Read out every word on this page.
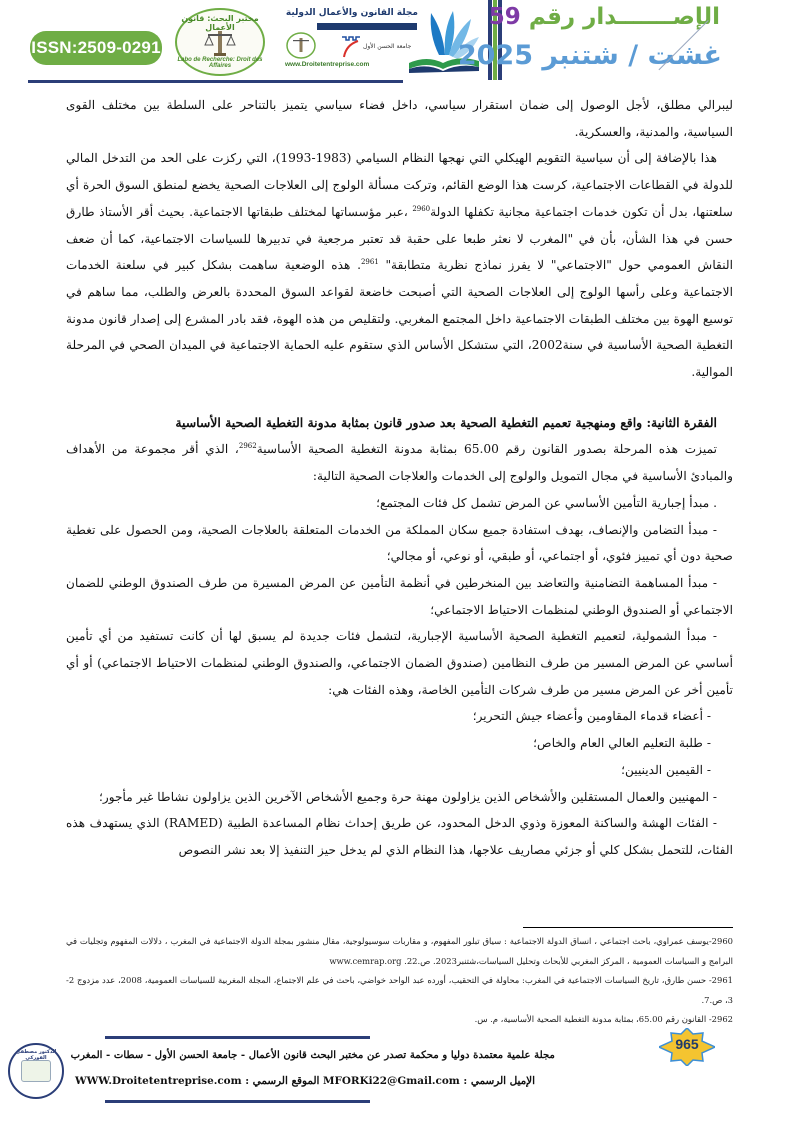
ISSN:2509-0291
مختبر البحث: قانون الأعمال
Labo de Recherche: Droit des Affaires
مجلة القانون والأعمال الدولية
جامعة الحسن الأول
www.Droitetentreprise.com
الإصـــــــدار رقم 59
غشت / شتنبر 2025

ليبرالي مطلق، لأجل الوصول إلى ضمان استقرار سياسي، داخل فضاء سياسي يتميز بالتناحر على السلطة بين مختلف القوى السياسية، والمدنية، والعسكرية.

هذا بالإضافة إلى أن سياسية التقويم الهيكلي التي نهجها النظام السيامي (1983-1993)، التي ركزت على الحد من التدخل المالي للدولة في القطاعات الاجتماعية، كرست هذا الوضع القائم، وتركت مسألة الولوج إلى العلاجات الصحية يخضع لمنطق السوق الحرة أي سلعتنها، بدل أن تكون خدمات اجتماعية مجانية تكفلها الدولة$^{2960}$ ،عبر مؤسساتها لمختلف طبقاتها الاجتماعية. بحيث أقر الأستاذ طارق حسن في هذا الشأن، بأن في "المغرب لا نعثر طبعا على حقبة قد تعتبر مرجعية في تدبيرها للسياسات الاجتماعية، كما أن ضعف النقاش العمومي حول "الاجتماعي" لا يفرز نماذج نظرية متطابقة" $^{2961}$. هذه الوضعية ساهمت بشكل كبير في سلعنة الخدمات الاجتماعية وعلى رأسها الولوج إلى العلاجات الصحية التي أصبحت خاضعة لقواعد السوق المحددة بالعرض والطلب، مما ساهم في توسيع الهوة بين مختلف الطبقات الاجتماعية داخل المجتمع المغربي. ولتقليص من هذه الهوة، فقد بادر المشرع إلى إصدار قانون مدونة التغطية الصحية الأساسية في سنة2002، التي ستشكل الأساس الذي ستقوم عليه الحماية الاجتماعية في الميدان الصحي في المرحلة الموالية.

الفقرة الثانية: واقع ومنهجية تعميم التغطية الصحية بعد صدور قانون بمثابة مدونة التغطية الصحية الأساسية

تميزت هذه المرحلة بصدور القانون رقم 65.00 بمثابة مدونة التغطية الصحية الأساسية$^{2962}$، الذي أقر مجموعة من الأهداف والمبادئ الأساسية في مجال التمويل والولوج إلى الخدمات والعلاجات الصحية التالية:

. مبدأ إجبارية التأمين الأساسي عن المرض تشمل كل فئات المجتمع؛

- مبدأ التضامن والإنصاف، بهدف استفادة جميع سكان المملكة من الخدمات المتعلقة بالعلاجات الصحية، ومن الحصول على تغطية صحية دون أي تمييز فئوي، أو اجتماعي، أو طبقي، أو نوعي، أو مجالي؛

- مبدأ المساهمة التضامنية والتعاضد بين المنخرطين في أنظمة التأمين عن المرض المسيرة من طرف الصندوق الوطني للضمان الاجتماعي أو الصندوق الوطني لمنظمات الاحتياط الاجتماعي؛

- مبدأ الشمولية، لتعميم التغطية الصحية الأساسية الإجبارية، لتشمل فئات جديدة لم يسبق لها أن كانت تستفيد من أي تأمين أساسي عن المرض المسير من طرف النظامين (صندوق الضمان الاجتماعي، والصندوق الوطني لمنظمات الاحتياط الاجتماعي) أو أي تأمين أخر عن المرض مسير من طرف شركات التأمين الخاصة، وهذه الفئات هي:

- أعضاء قدماء المقاومين وأعضاء جيش التحرير؛

- طلبة التعليم العالي العام والخاص؛

- القيمين الدينيين؛

- المهنيين والعمال المستقلين والأشخاص الذين يزاولون مهنة حرة وجميع الأشخاص الآخرين الذين يزاولون نشاطا غير مأجور؛

- الفئات الهشة والساكنة المعوزة وذوي الدخل المحدود، عن طريق إحداث نظام المساعدة الطبية (RAMED) الذي يستهدف هذه الفئات، للتحمل بشكل كلي أو جزئي مصاريف علاجها، هذا النظام الذي لم يدخل حيز التنفيذ إلا بعد نشر النصوص

2960-يوسف عمراوي، باحث اجتماعي ، انساق الدولة الاجتماعية : سياق تبلور المفهوم، و مقاربات سوسيولوجية، مقال منشور بمجلة الدولة الاجتماعية في المغرب ، دلالات المفهوم وتجليات في البرامج و السياسات العمومية ، المركز المغربي للأبحاث وتحليل السياسات،شتنبر2023. ص.22. www.cemrap.org

2961- حسن طارق، تاريخ السياسات الاجتماعية في المغرب: محاولة في التحقيب، أورده عبد الواحد خواضي، باحث في علم الاجتماع، المجلة المغربية للسياسات العمومية، 2008، عدد مزدوج 2-3، ص.7.

2962- القانون رقم 65.00، بمثابة مدونة التغطية الصحية الأساسية، م. س.

965
مجلة علمية معتمدة دوليا و محكمة تصدر عن مختبر البحث قانون الأعمال - جامعة الحسن الأول - سطات - المغرب
الإميل الرسمي : MFORKi22@Gmail.com الموقع الرسمي : WWW.Droitetentreprise.com
الدكتور مصطفى الفوركي
